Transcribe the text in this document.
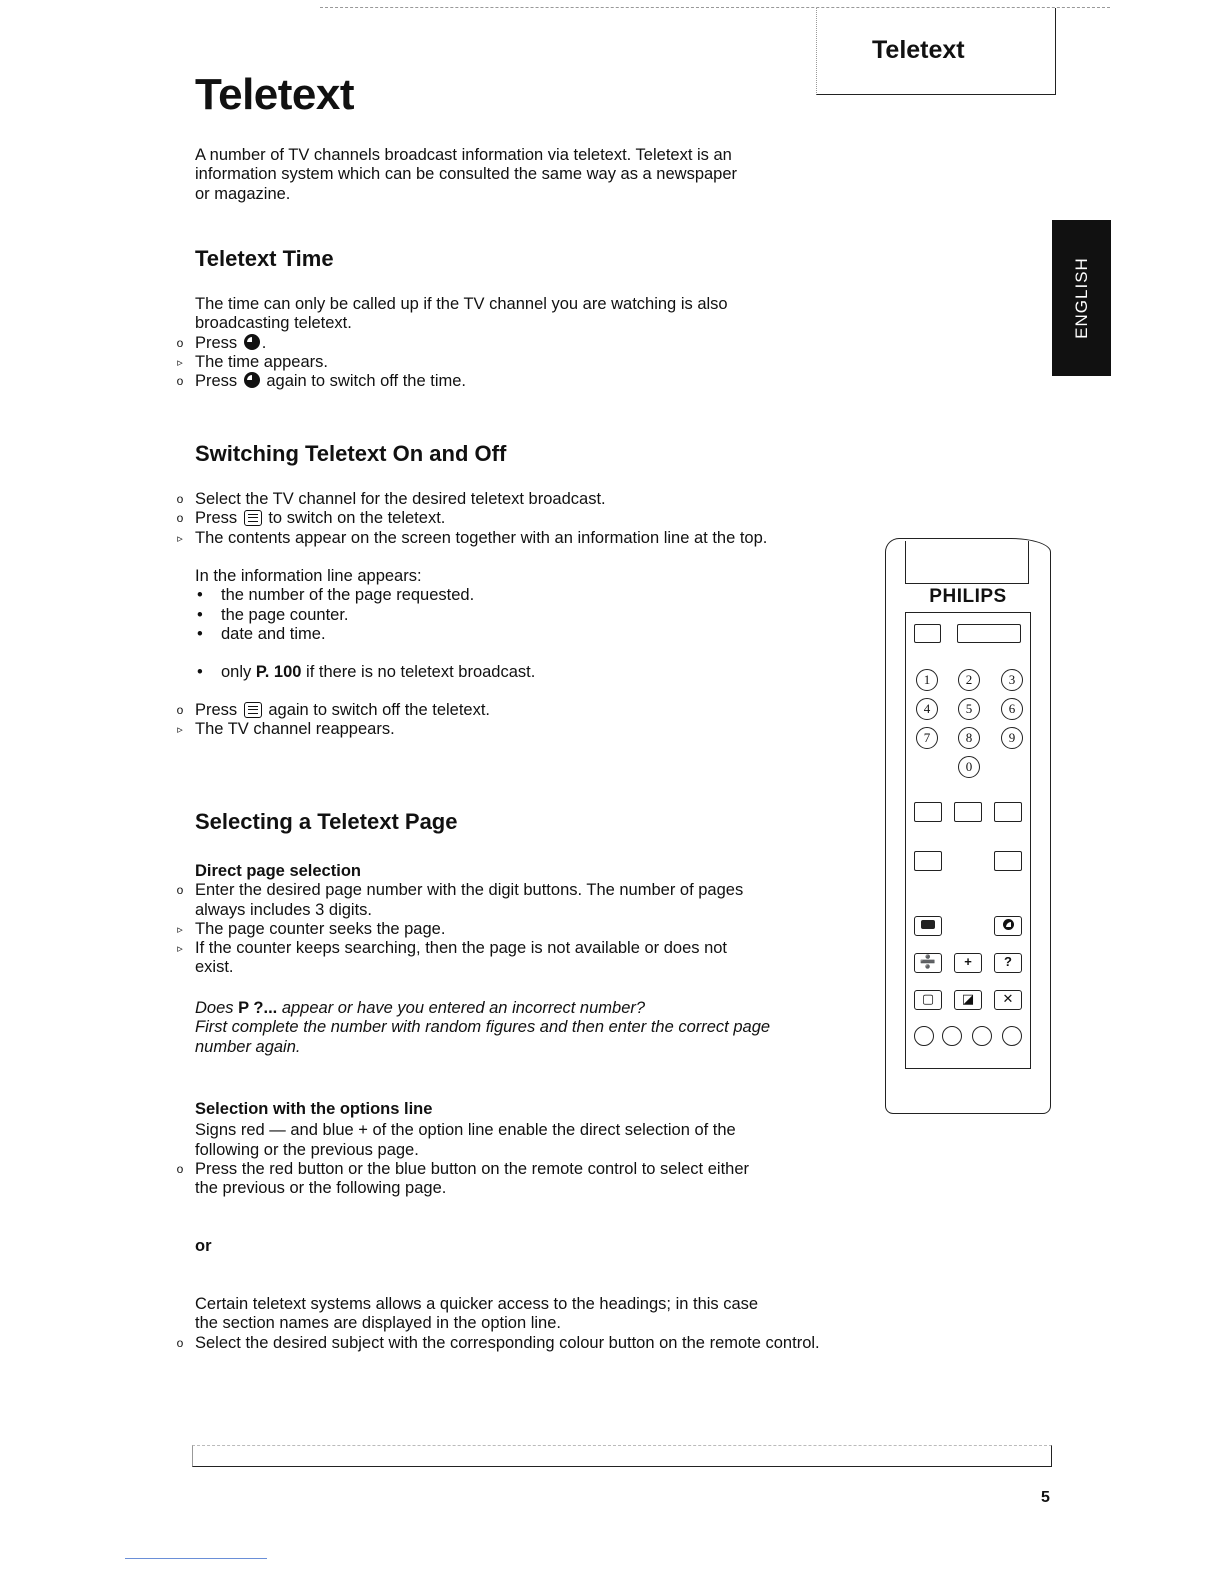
Teletext
Teletext
ENGLISH
A number of TV channels broadcast information via teletext. Teletext is an
information system which can be consulted the same way as a newspaper
or magazine.
Teletext Time
The time can only be called up if the TV channel you are watching is also
broadcasting teletext.
o Press .
▹ The time appears.
o Press  again to switch off the time.
Switching Teletext On and Off
o Select the TV channel for the desired teletext broadcast.
o Press  to switch on the teletext.
▹ The contents appear on the screen together with an information line at the top.
In the information line appears:
• the number of the page requested.
• the page counter.
• date and time.
• only P. 100 if there is no teletext broadcast.
o Press  again to switch off the teletext.
▹ The TV channel reappears.
Selecting a Teletext Page
Direct page selection
o Enter the desired page number with the digit buttons. The number of pages
always includes 3 digits.
▹ The page counter seeks the page.
▹ If the counter keeps searching, then the page is not available or does not
exist.
Does P ?... appear or have you entered an incorrect number?
First complete the number with random figures and then enter the correct page
number again.
Selection with the options line
Signs red — and blue + of the option line enable the direct selection of the
following or the previous page.
o Press the red button or the blue button on the remote control to select either
the previous or the following page.
or
Certain teletext systems allows a quicker access to the headings; in this case
the section names are displayed in the option line.
o Select the desired subject with the corresponding colour button on the remote control.
PHILIPS
1	2	3
4	5	6
7	8	9
0
➗	+	?
▢	◪	✕
5
